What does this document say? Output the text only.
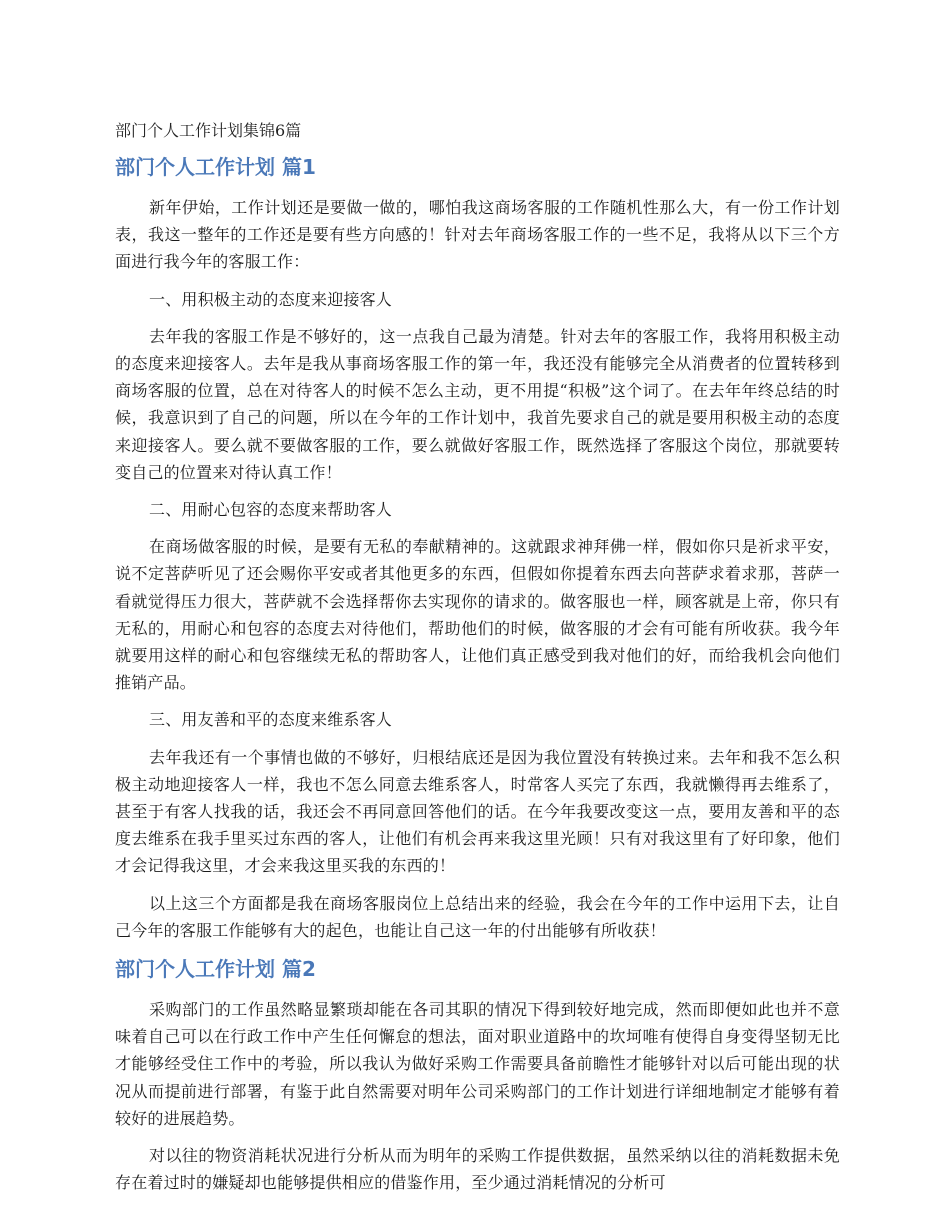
部门个人工作计划集锦6篇
部门个人工作计划 篇1

新年伊始，工作计划还是要做一做的，哪怕我这商场客服的工作随机性那么大，有一份工作计划表，我这一整年的工作还是要有些方向感的！针对去年商场客服工作的一些不足，我将从以下三个方面进行我今年的客服工作：

一、用积极主动的态度来迎接客人

去年我的客服工作是不够好的，这一点我自己最为清楚。针对去年的客服工作，我将用积极主动的态度来迎接客人。去年是我从事商场客服工作的第一年，我还没有能够完全从消费者的位置转移到商场客服的位置，总在对待客人的时候不怎么主动，更不用提“积极”这个词了。在去年年终总结的时候，我意识到了自己的问题，所以在今年的工作计划中，我首先要求自己的就是要用积极主动的态度来迎接客人。要么就不要做客服的工作，要么就做好客服工作，既然选择了客服这个岗位，那就要转变自己的位置来对待认真工作！

二、用耐心包容的态度来帮助客人

在商场做客服的时候，是要有无私的奉献精神的。这就跟求神拜佛一样，假如你只是祈求平安，说不定菩萨听见了还会赐你平安或者其他更多的东西，但假如你提着东西去向菩萨求着求那，菩萨一看就觉得压力很大，菩萨就不会选择帮你去实现你的请求的。做客服也一样，顾客就是上帝，你只有无私的，用耐心和包容的态度去对待他们，帮助他们的时候，做客服的才会有可能有所收获。我今年就要用这样的耐心和包容继续无私的帮助客人，让他们真正感受到我对他们的好，而给我机会向他们推销产品。

三、用友善和平的态度来维系客人

去年我还有一个事情也做的不够好，归根结底还是因为我位置没有转换过来。去年和我不怎么积极主动地迎接客人一样，我也不怎么同意去维系客人，时常客人买完了东西，我就懒得再去维系了，甚至于有客人找我的话，我还会不再同意回答他们的话。在今年我要改变这一点，要用友善和平的态度去维系在我手里买过东西的客人，让他们有机会再来我这里光顾！只有对我这里有了好印象，他们才会记得我这里，才会来我这里买我的东西的！

以上这三个方面都是我在商场客服岗位上总结出来的经验，我会在今年的工作中运用下去，让自己今年的客服工作能够有大的起色，也能让自己这一年的付出能够有所收获！

部门个人工作计划 篇2

采购部门的工作虽然略显繁琐却能在各司其职的情况下得到较好地完成，然而即便如此也并不意味着自己可以在行政工作中产生任何懈怠的想法，面对职业道路中的坎坷唯有使得自身变得坚韧无比才能够经受住工作中的考验，所以我认为做好采购工作需要具备前瞻性才能够针对以后可能出现的状况从而提前进行部署，有鉴于此自然需要对明年公司采购部门的工作计划进行详细地制定才能够有着较好的进展趋势。

对以往的物资消耗状况进行分析从而为明年的采购工作提供数据，虽然采纳以往的消耗数据未免存在着过时的嫌疑却也能够提供相应的借鉴作用，至少通过消耗情况的分析可
